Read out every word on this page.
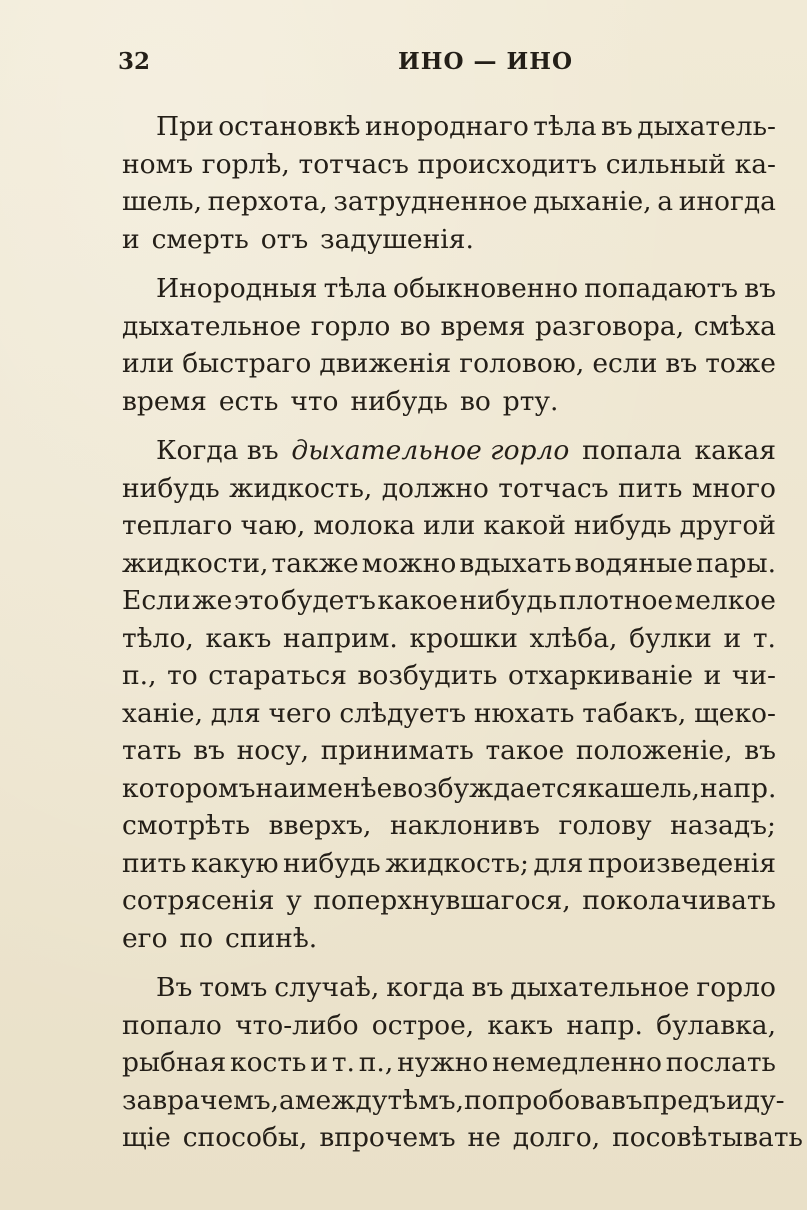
32	ИНО — ИНО
При остановкѣ инороднаго тѣла въ дыхатель-
номъ горлѣ, тотчасъ происходитъ сильный ка-
шель, перхота, затрудненное дыханіе, а иногда
и смерть отъ задушенія.
Инородныя тѣла обыкновенно попадаютъ въ
дыхательное горло во время разговора, смѣха
или быстраго движенія головою, если въ тоже
время есть что нибудь во рту.
Когда въ дыхательное горло попала какая
нибудь жидкость, должно тотчасъ пить много
теплаго чаю, молока или какой нибудь другой
жидкости, также можно вдыхать водяные пары.
Если же это будетъ какое нибудь плотное мелкое
тѣло, какъ наприм. крошки хлѣба, булки и т.
п., то стараться возбудить отхаркиваніе и чи-
ханіе, для чего слѣдуетъ нюхать табакъ, щеко-
тать въ носу, принимать такое положеніе, въ
которомъ наименѣе возбуждается кашель, напр.
смотрѣть вверхъ, наклонивъ голову назадъ;
пить какую нибудь жидкость; для произведенія
сотрясенія у поперхнувшагося, поколачивать
его по спинѣ.
Въ томъ случаѣ, когда въ дыхательное горло
попало что-либо острое, какъ напр. булавка,
рыбная кость и т. п., нужно немедленно послать
за врачемъ, а между тѣмъ, попробовавъ предъиду-
щіе способы, впрочемъ не долго, посовѣтывать
